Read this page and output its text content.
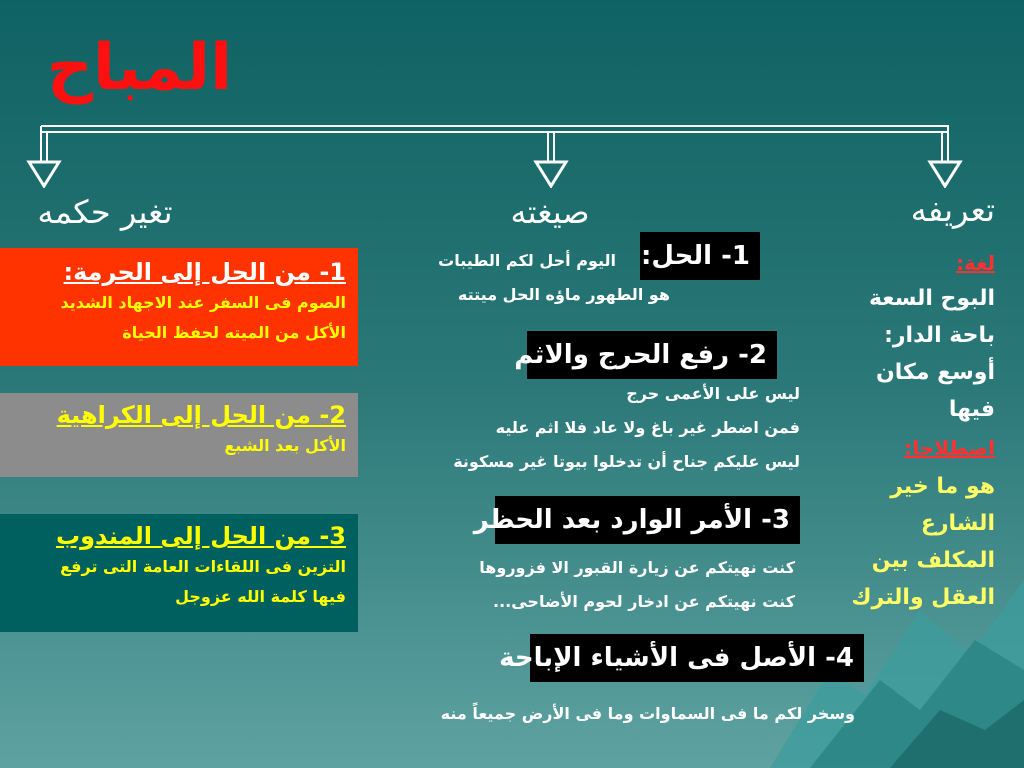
المباح
تعريفه
صيغته
تغير حكمه
لغة:
البوح السعة
باحة الدار:
أوسع مكان
فيها
اصطلاحا:
هو ما خير
الشارع
المكلف بين
العقل والترك
1- الحل:
اليوم أحل لكم الطيبات
هو الطهور ماؤه الحل ميتته
2- رفع الحرج والاثم
ليس على الأعمى حرج
فمن اضطر غير باغ ولا عاد فلا اثم عليه
ليس عليكم جناح أن تدخلوا بيوتا غير مسكونة
3- الأمر الوارد بعد الحظر
كنت نهيتكم عن زيارة القبور الا فزوروها
كنت نهيتكم عن ادخار لحوم الأضاحى...
4- الأصل فى الأشياء الإباحة
وسخر لكم ما فى السماوات وما فى الأرض جميعاً منه
1- من الحل إلى الحرمة:
الصوم فى السفر عند الاجهاد الشديد
الأكل من الميته لحفظ الحياة
2- من الحل إلى الكراهية
الأكل بعد الشبع
3- من الحل إلى المندوب
التزين فى اللقاءات العامة التى ترفع
فيها كلمة الله عزوجل
